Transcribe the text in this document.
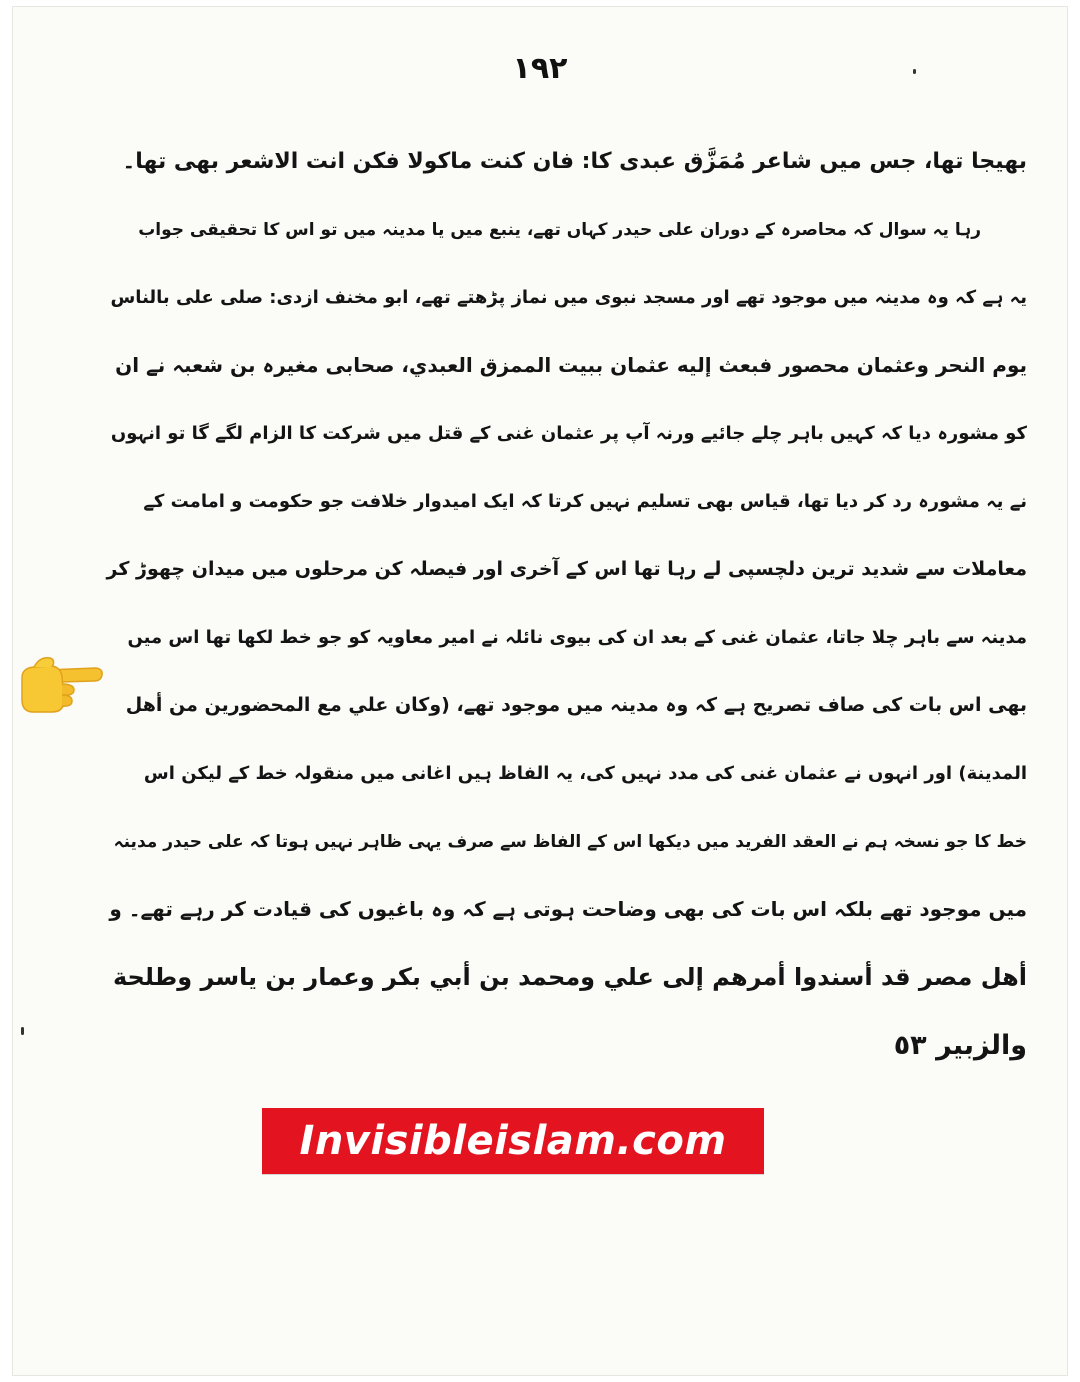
١٩٢
بھیجا تھا، جس میں شاعر مُمَزَّق عبدی کا: فان کنت ماکولا فکن انت الاشعر بھی تھا۔
رہا یہ سوال کہ محاصرہ کے دوران علی حیدر کہاں تھے، ینبع میں یا مدینہ میں تو اس کا تحقیقی جواب
یہ ہے کہ وہ مدینہ میں موجود تھے اور مسجد نبوی میں نماز پڑھتے تھے، ابو مخنف ازدی: صلی علی بالناس
یوم النحر وعثمان محصور فبعث إليه عثمان ببيت الممزق العبدي، صحابی مغیرہ بن شعبہ نے ان
کو مشورہ دیا کہ کہیں باہر چلے جائیے ورنہ آپ پر عثمان غنی کے قتل میں شرکت کا الزام لگے گا تو انہوں
نے یہ مشورہ رد کر دیا تھا، قیاس بھی تسلیم نہیں کرتا کہ ایک امیدوار خلافت جو حکومت و امامت کے
معاملات سے شدید ترین دلچسپی لے رہا تھا اس کے آخری اور فیصلہ کن مرحلوں میں میدان چھوڑ کر
مدینہ سے باہر چلا جاتا، عثمان غنی کے بعد ان کی بیوی نائلہ نے امیر معاویہ کو جو خط لکھا تھا اس میں
بھی اس بات کی صاف تصریح ہے کہ وہ مدینہ میں موجود تھے، (وكان علي مع المحضورين من أهل
المدينة) اور انہوں نے عثمان غنی کی مدد نہیں کی، یہ الفاظ ہیں اغانی میں منقولہ خط کے لیکن اس
خط کا جو نسخہ ہم نے العقد الفرید میں دیکھا اس کے الفاظ سے صرف یہی ظاہر نہیں ہوتا کہ علی حیدر مدینہ
میں موجود تھے بلکہ اس بات کی بھی وضاحت ہوتی ہے کہ وہ باغیوں کی قیادت کر رہے تھے۔ و
أهل مصر قد أسندوا أمرهم إلى علي ومحمد بن أبي بكر وعمار بن ياسر وطلحة
والزبير ٥٣
Invisibleislam.com
